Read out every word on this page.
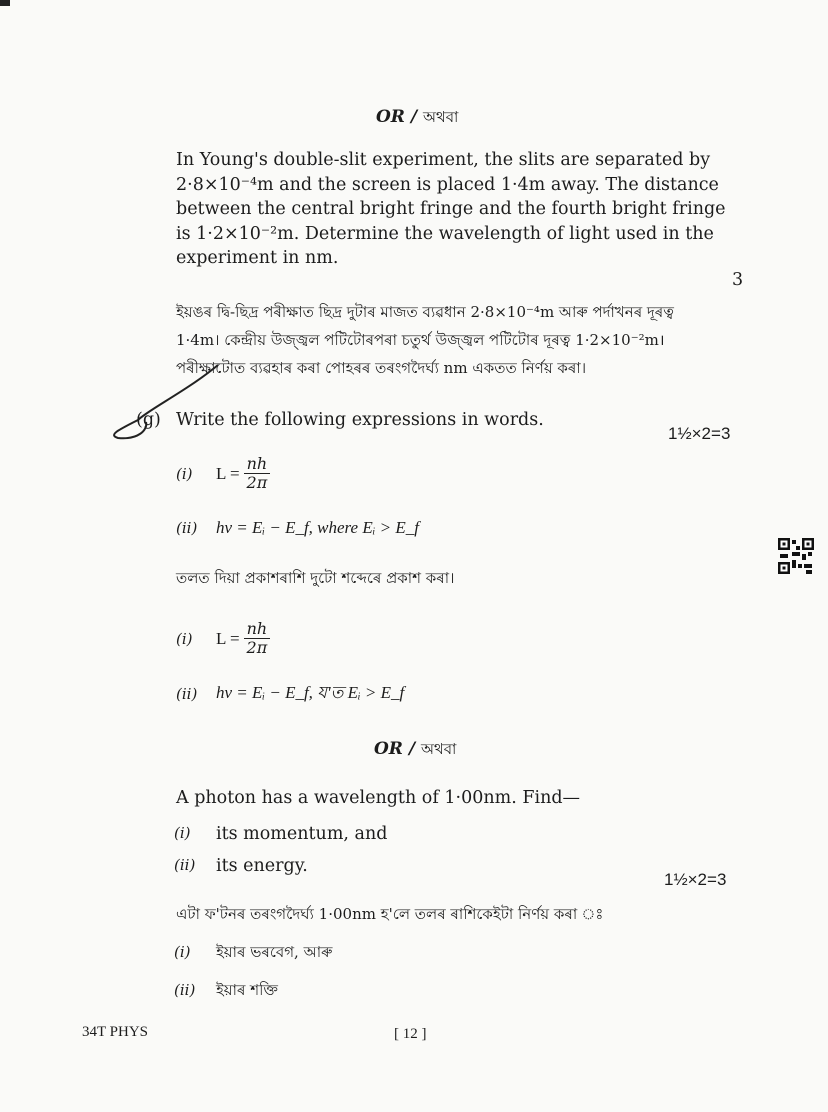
OR / অথবা
In Young's double-slit experiment, the slits are separated by
2·8×10⁻⁴m and the screen is placed 1·4m away. The distance
between the central bright fringe and the fourth bright fringe
is 1·2×10⁻²m. Determine the wavelength of light used in the
experiment in nm.
3
ইয়ঙৰ দ্বি-ছিদ্র পৰীক্ষাত ছিদ্র দুটাৰ মাজত ব্যৱধান 2·8×10⁻⁴m আৰু পৰ্দাখনৰ দূৰত্ব
1·4m। কেন্দ্রীয় উজ্জ্বল পটিটোৰপৰা চতুৰ্থ উজ্জ্বল পটিটোৰ দূৰত্ব 1·2×10⁻²m।
পৰীক্ষাটোত ব্যৱহাৰ কৰা পোহৰৰ তৰংগদৈৰ্ঘ্য nm একতত নিৰ্ণয় কৰা।
(g) Write the following expressions in words.
1½×2=3
(i)	$L = \frac{nh}{2\pi}$
(ii)	hν = Eᵢ − E_f, where Eᵢ > E_f
তলত দিয়া প্ৰকাশৰাশি দুটো শব্দেৰে প্ৰকাশ কৰা।
(i)	$L = \frac{nh}{2\pi}$
(ii)	hν = Eᵢ − E_f, য'ত Eᵢ > E_f
OR / অথবা
A photon has a wavelength of 1·00nm. Find—
(i)	its momentum, and
(ii)	its energy.
1½×2=3
এটা ফ'টনৰ তৰংগদৈৰ্ঘ্য 1·00nm হ'লে তলৰ ৰাশিকেইটা নিৰ্ণয় কৰা ঃ
(i)	ইয়াৰ ভৰবেগ, আৰু
(ii)	ইয়াৰ শক্তি
34T PHYS	[ 12 ]
